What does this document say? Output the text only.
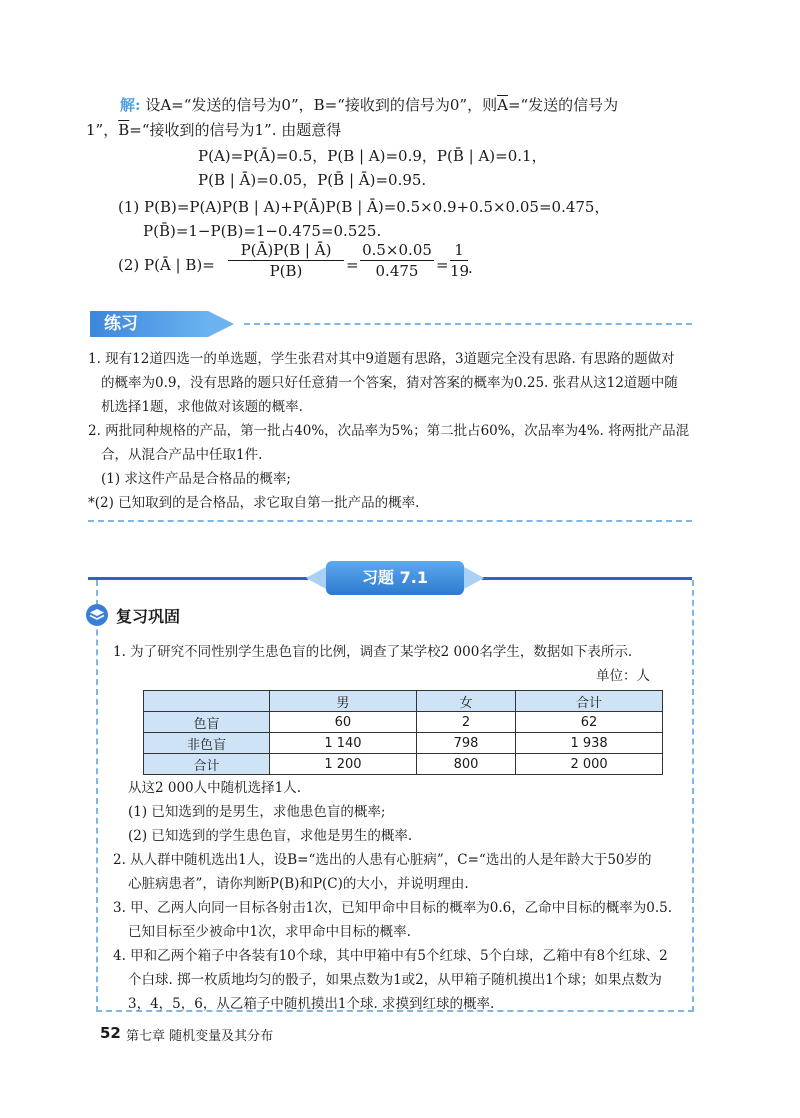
解: 设A=“发送的信号为0”，B=“接收到的信号为0”，则$\overline{A}=“$发送的信号为
1”，$\overline{B}=“$接收到的信号为1”. 由题意得
P(A)=P(Ā)=0.5，P(B | A)=0.9，P(B̄ | A)=0.1，
P(B | Ā)=0.05，P(B̄ | Ā)=0.95.
(1) P(B)=P(A)P(B | A)+P(Ā)P(B | Ā)=0.5×0.9+0.5×0.05=0.475，
P(B̄)=1−P(B)=1−0.475=0.525.
(2) P(Ā | $B)= \frac{P(Ā)P(B | Ā)}{P(B)} = \frac{0.5\times 0.05}{0.475} = \frac{1}{19}$ .
练习
1. 现有12道四选一的单选题，学生张君对其中9道题有思路，3道题完全没有思路. 有思路的题做对
的概率为0.9，没有思路的题只好任意猜一个答案，猜对答案的概率为0.25. 张君从这12道题中随
机选择1题，求他做对该题的概率.
2. 两批同种规格的产品，第一批占40%，次品率为5%；第二批占60%，次品率为4%. 将两批产品混
合，从混合产品中任取1件.
(1) 求这件产品是合格品的概率;
*(2) 已知取到的是合格品，求它取自第一批产品的概率.
习题 7.1
复习巩固
1. 为了研究不同性别学生患色盲的比例，调查了某学校2 000名学生，数据如下表所示.
单位：人
	男	女	合计
色盲	60	2	62
非色盲	1 140	798	1 938
合计	1 200	800	2 000
从这2 000人中随机选择1人.
(1) 已知选到的是男生，求他患色盲的概率;
(2) 已知选到的学生患色盲，求他是男生的概率.
2. 从人群中随机选出1人，设B=“选出的人患有心脏病”，C=“选出的人是年龄大于50岁的
心脏病患者”，请你判断P(B)和P(C)的大小，并说明理由.
3. 甲、乙两人向同一目标各射击1次，已知甲命中目标的概率为0.6，乙命中目标的概率为0.5.
已知目标至少被命中1次，求甲命中目标的概率.
4. 甲和乙两个箱子中各装有10个球，其中甲箱中有5个红球、5个白球，乙箱中有8个红球、2
个白球. 掷一枚质地均匀的骰子，如果点数为1或2，从甲箱子随机摸出1个球；如果点数为
3，4，5，6，从乙箱子中随机摸出1个球. 求摸到红球的概率.
52 第七章 随机变量及其分布
